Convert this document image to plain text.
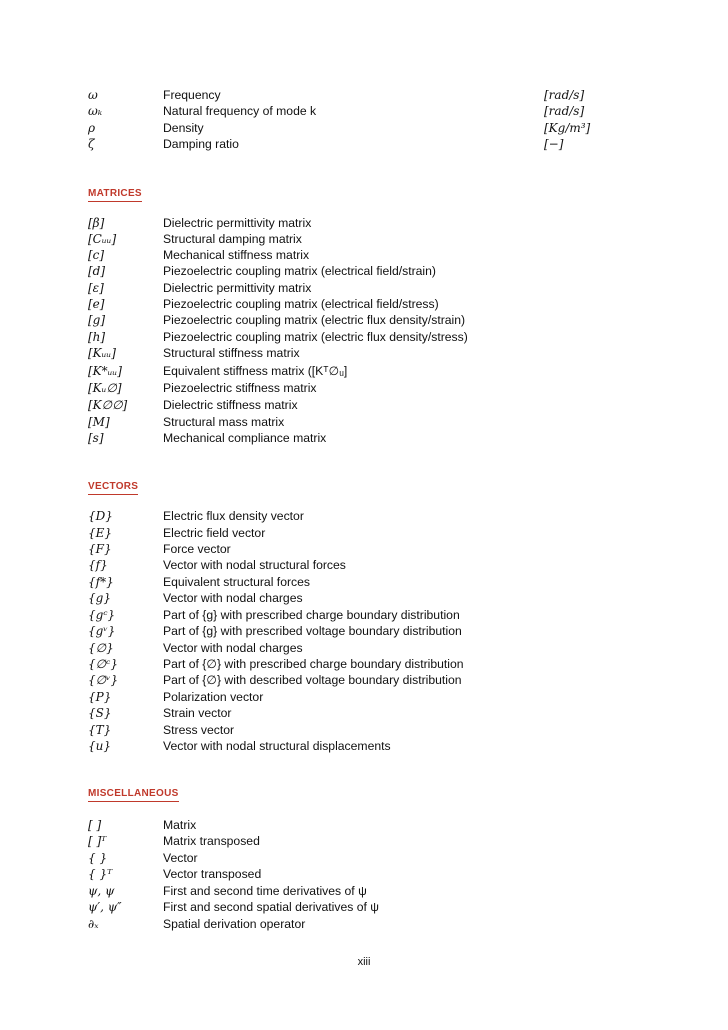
ω	Frequency	[rad/s]
ωₖ	Natural frequency of mode k	[rad/s]
ρ	Density	[Kg/m³]
ζ	Damping ratio	[−]
MATRICES
[β]	Dielectric permittivity matrix
[Cᵤᵤ]	Structural damping matrix
[c]	Mechanical stiffness matrix
[d]	Piezoelectric coupling matrix (electrical field/strain)
[ε]	Dielectric permittivity matrix
[e]	Piezoelectric coupling matrix (electrical field/stress)
[g]	Piezoelectric coupling matrix (electric flux density/strain)
[h]	Piezoelectric coupling matrix (electric flux density/stress)
[Kᵤᵤ]	Structural stiffness matrix
[K*ᵤᵤ]	Equivalent stiffness matrix ([Kᵀ∅ᵤ]
[Kᵤ∅]	Piezoelectric stiffness matrix
[K∅∅]	Dielectric stiffness matrix
[M]	Structural mass matrix
[s]	Mechanical compliance matrix
VECTORS
{D}	Electric flux density vector
{E}	Electric field vector
{F}	Force vector
{f}	Vector with nodal structural forces
{f*}	Equivalent structural forces
{g}	Vector with nodal charges
{gᶜ}	Part of {g} with prescribed charge boundary distribution
{gᵛ}	Part of {g} with prescribed voltage boundary distribution
{∅}	Vector with nodal charges
{∅ᶜ}	Part of {∅} with prescribed charge boundary distribution
{∅ᵛ}	Part of {∅} with described voltage boundary distribution
{P}	Polarization vector
{S}	Strain vector
{T}	Stress vector
{u}	Vector with nodal structural displacements
MISCELLANEOUS
[ ]	Matrix
[ ]ᵀ	Matrix transposed
{ }	Vector
{ }ᵀ	Vector transposed
ψ, ψ	First and second time derivatives of ψ
ψ′, ψ″	First and second spatial derivatives of ψ
∂ₓ	Spatial derivation operator
xiii
